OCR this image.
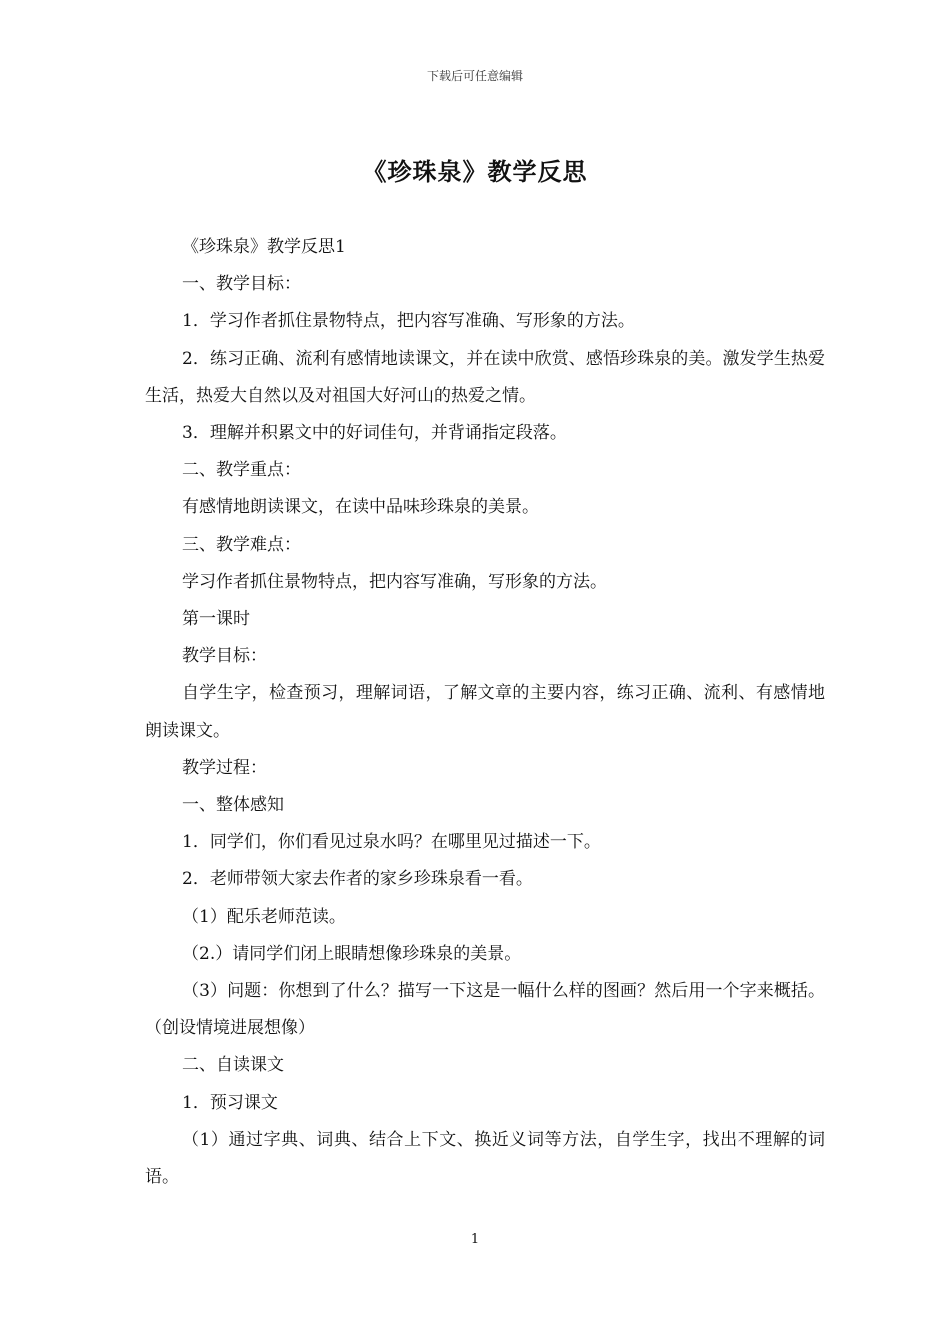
下载后可任意编辑
《珍珠泉》教学反思

《珍珠泉》教学反思1

一、教学目标：

1．学习作者抓住景物特点，把内容写准确、写形象的方法。

2．练习正确、流利有感情地读课文，并在读中欣赏、感悟珍珠泉的美。激发学生热爱生活，热爱大自然以及对祖国大好河山的热爱之情。

3．理解并积累文中的好词佳句，并背诵指定段落。

二、教学重点：

有感情地朗读课文，在读中品味珍珠泉的美景。

三、教学难点：

学习作者抓住景物特点，把内容写准确，写形象的方法。

第一课时

教学目标：

自学生字，检查预习，理解词语，了解文章的主要内容，练习正确、流利、有感情地朗读课文。

教学过程：

一、整体感知

1．同学们，你们看见过泉水吗？在哪里见过描述一下。

2．老师带领大家去作者的家乡珍珠泉看一看。

（1）配乐老师范读。

（2.）请同学们闭上眼睛想像珍珠泉的美景。

（3）问题：你想到了什么？描写一下这是一幅什么样的图画？然后用一个字来概括。（创设情境进展想像）

二、自读课文

1．预习课文

（1）通过字典、词典、结合上下文、换近义词等方法，自学生字，找出不理解的词语。

1
